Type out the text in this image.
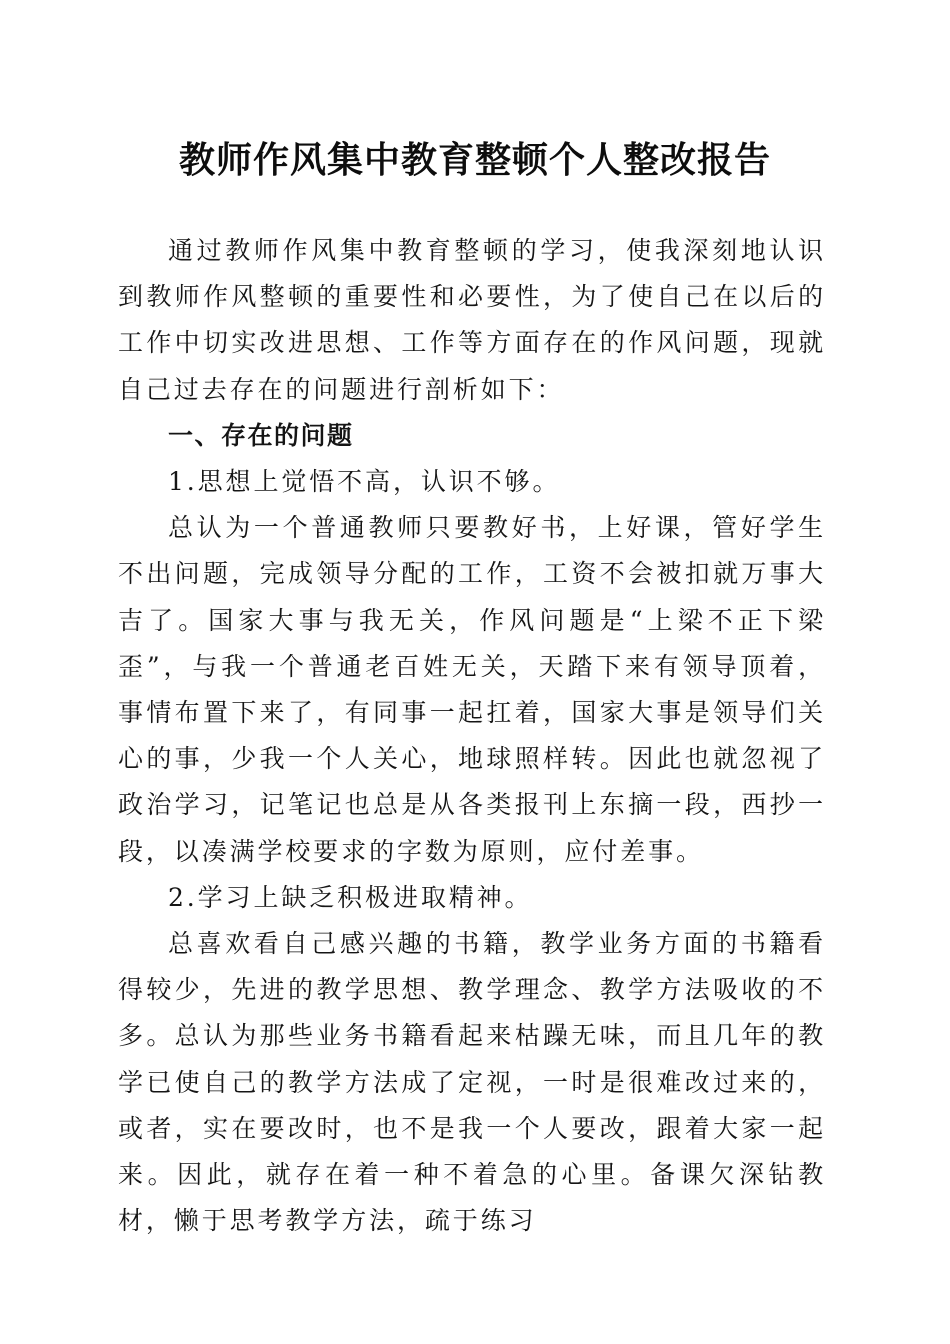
教师作风集中教育整顿个人整改报告

通过教师作风集中教育整顿的学习，使我深刻地认识到教师作风整顿的重要性和必要性，为了使自己在以后的工作中切实改进思想、工作等方面存在的作风问题，现就自己过去存在的问题进行剖析如下：

一、存在的问题

1.思想上觉悟不高，认识不够。

总认为一个普通教师只要教好书，上好课，管好学生不出问题，完成领导分配的工作，工资不会被扣就万事大吉了。国家大事与我无关，作风问题是“上梁不正下梁歪”，与我一个普通老百姓无关，天踏下来有领导顶着，事情布置下来了，有同事一起扛着，国家大事是领导们关心的事，少我一个人关心，地球照样转。因此也就忽视了政治学习，记笔记也总是从各类报刊上东摘一段，西抄一段，以凑满学校要求的字数为原则，应付差事。

2.学习上缺乏积极进取精神。

总喜欢看自己感兴趣的书籍，教学业务方面的书籍看得较少，先进的教学思想、教学理念、教学方法吸收的不多。总认为那些业务书籍看起来枯躁无味，而且几年的教学已使自己的教学方法成了定视，一时是很难改过来的，或者，实在要改时，也不是我一个人要改，跟着大家一起来。因此，就存在着一种不着急的心里。备课欠深钻教材，懒于思考教学方法，疏于练习
